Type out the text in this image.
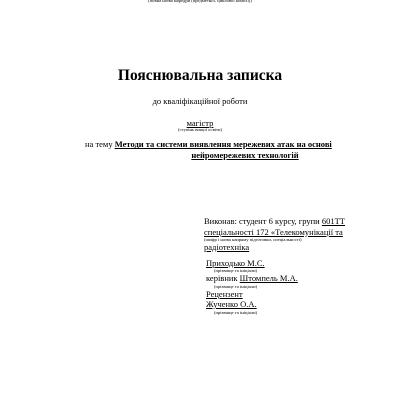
(повна назва кафедри (предметної, циклової комісії))
Пояснювальна записка
до кваліфікаційної роботи
магістр
(ступінь вищої освіти)
на тему Методи та системи виявлення мережевих атак на основі
нейромережевих технологій
Виконав: студент 6 курсу, групи 601ТТ
спеціальності 172 «Телекомунікації та
(шифр і назва напряму підготовки, спеціальності)
радіотехніка
Приходько М.С.
(прізвище та ініціали)
керівник Штомпель М.А.
(прізвище та ініціали)
Рецензент
Жученко О.А.
(прізвище та ініціали)
